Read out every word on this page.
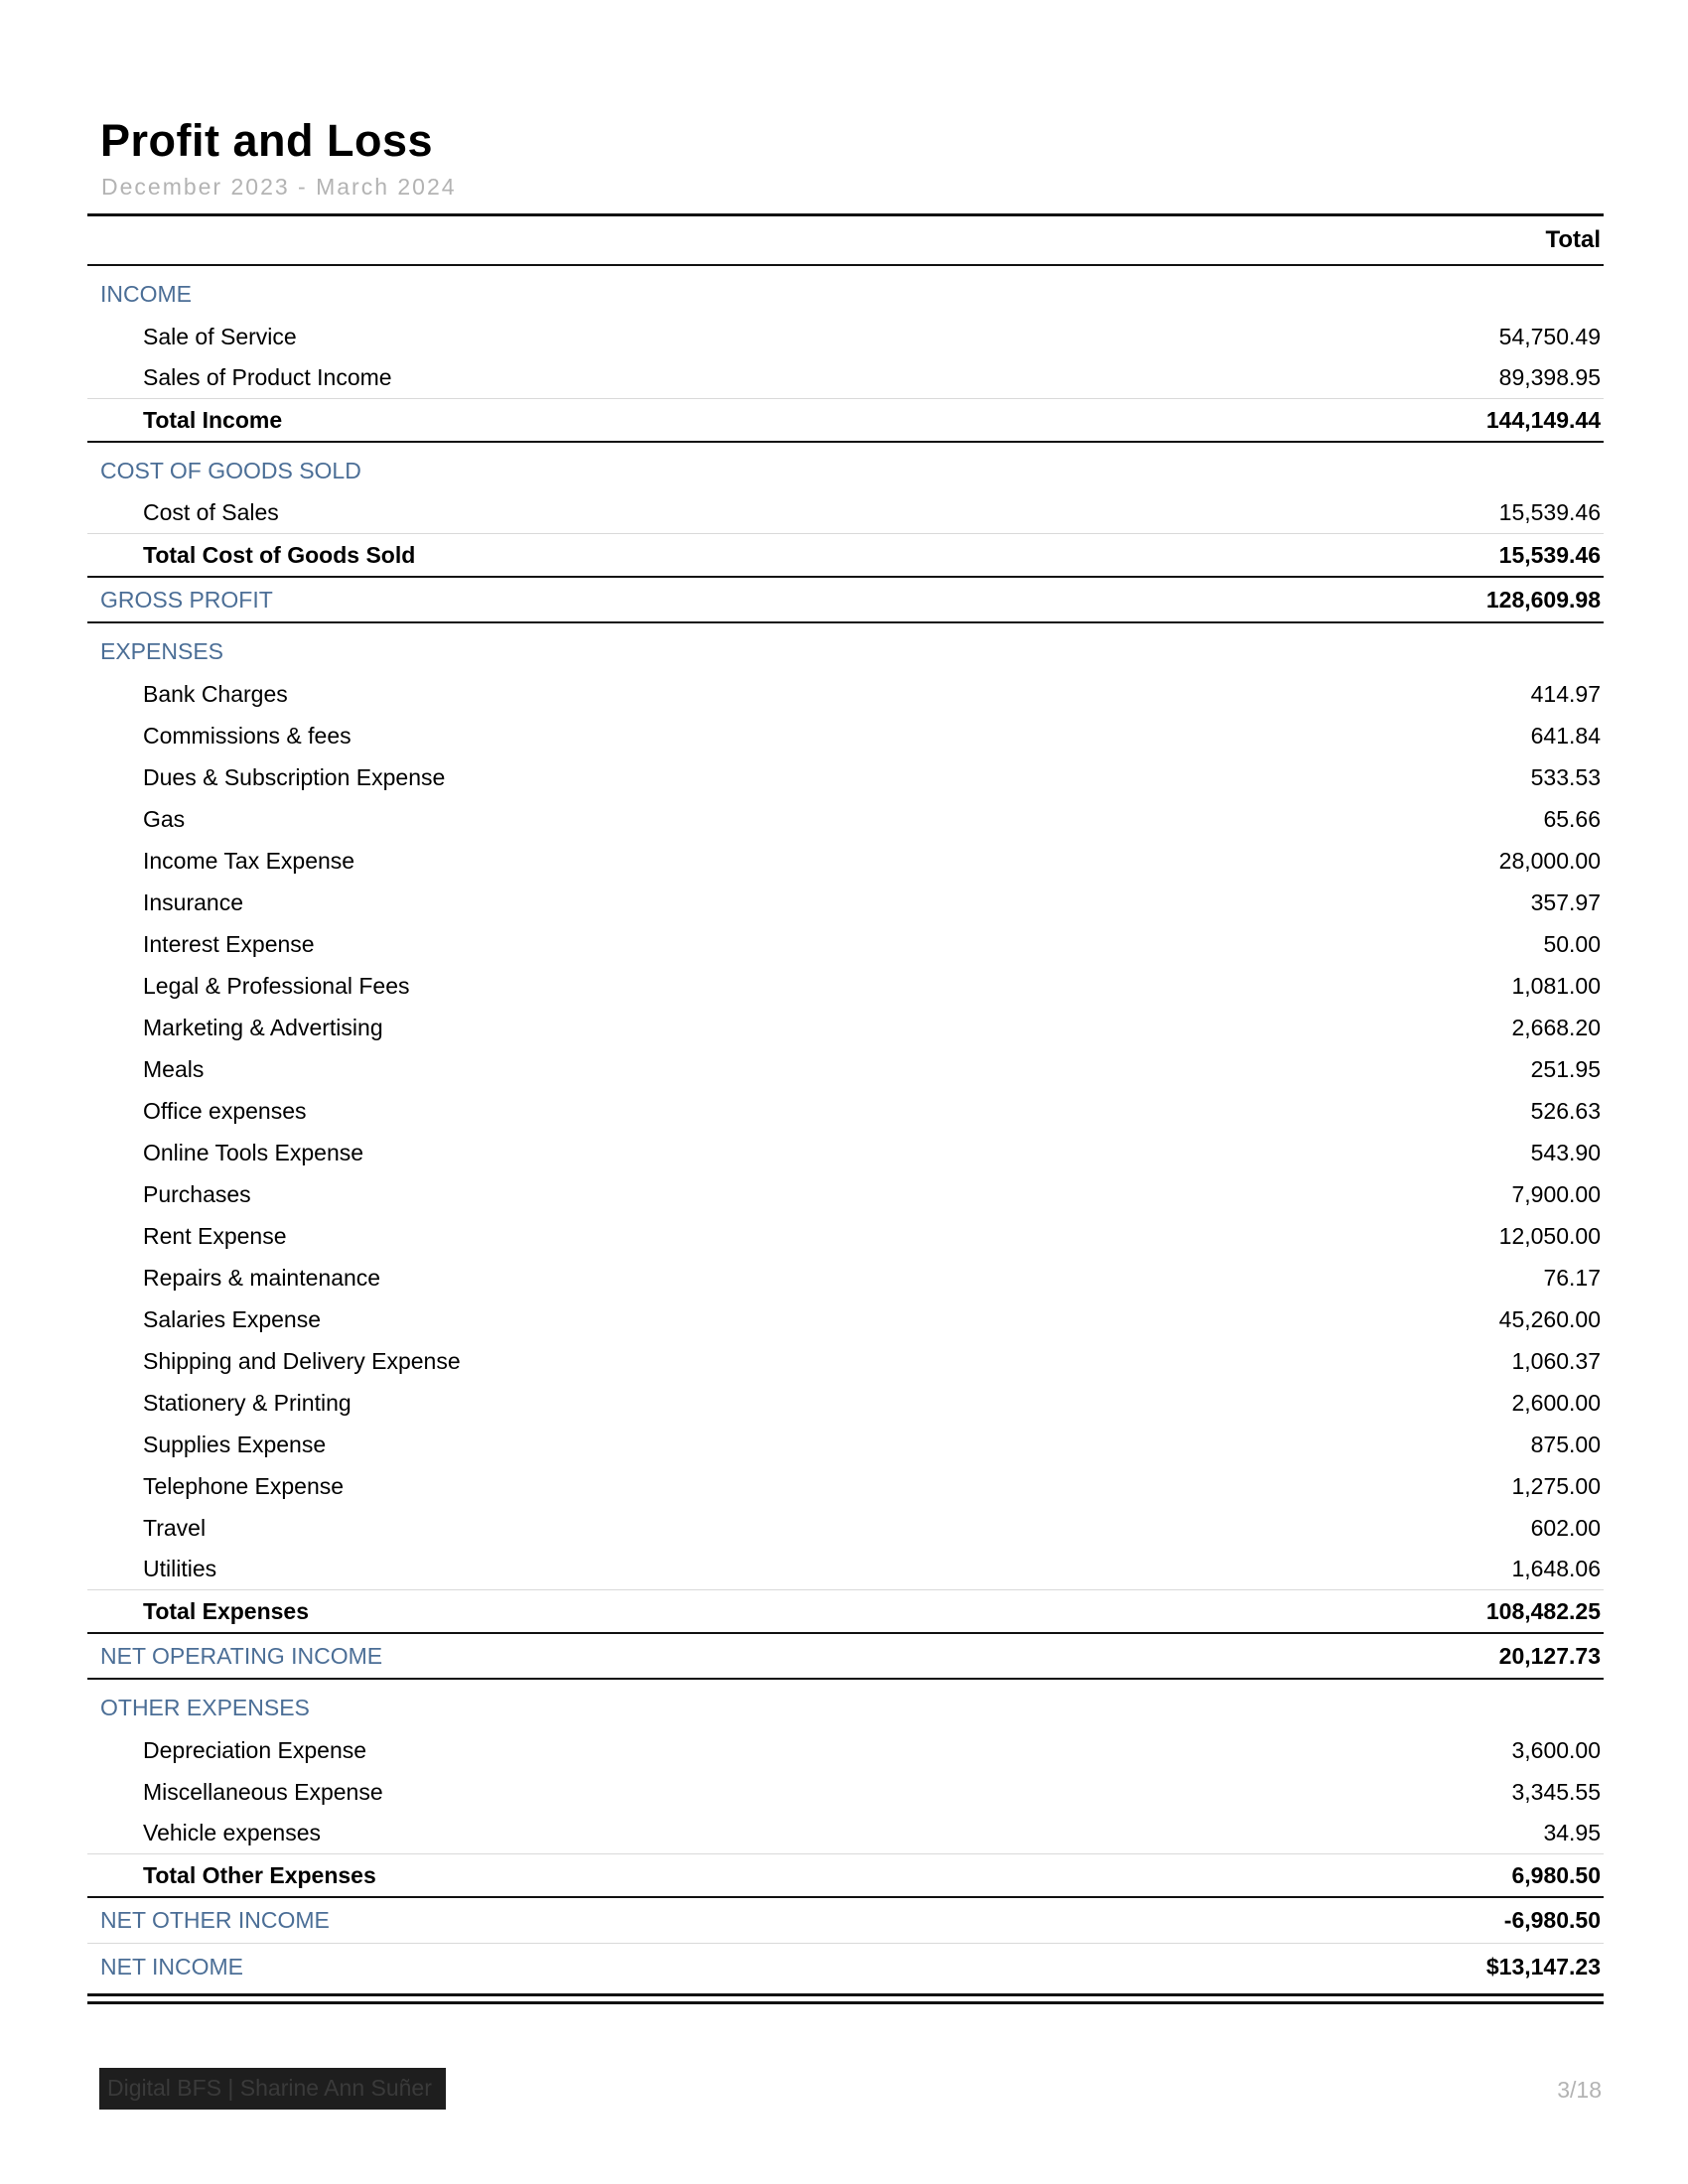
Profit and Loss
December 2023 - March 2024
Total
INCOME
Sale of Service	54,750.49
Sales of Product Income	89,398.95
Total Income	144,149.44
COST OF GOODS SOLD
Cost of Sales	15,539.46
Total Cost of Goods Sold	15,539.46
GROSS PROFIT	128,609.98
EXPENSES
Bank Charges	414.97
Commissions & fees	641.84
Dues & Subscription Expense	533.53
Gas	65.66
Income Tax Expense	28,000.00
Insurance	357.97
Interest Expense	50.00
Legal & Professional Fees	1,081.00
Marketing & Advertising	2,668.20
Meals	251.95
Office expenses	526.63
Online Tools Expense	543.90
Purchases	7,900.00
Rent Expense	12,050.00
Repairs & maintenance	76.17
Salaries Expense	45,260.00
Shipping and Delivery Expense	1,060.37
Stationery & Printing	2,600.00
Supplies Expense	875.00
Telephone Expense	1,275.00
Travel	602.00
Utilities	1,648.06
Total Expenses	108,482.25
NET OPERATING INCOME	20,127.73
OTHER EXPENSES
Depreciation Expense	3,600.00
Miscellaneous Expense	3,345.55
Vehicle expenses	34.95
Total Other Expenses	6,980.50
NET OTHER INCOME	-6,980.50
NET INCOME	$13,147.23
Digital BFS | Sharine Ann Suñer	3/18
